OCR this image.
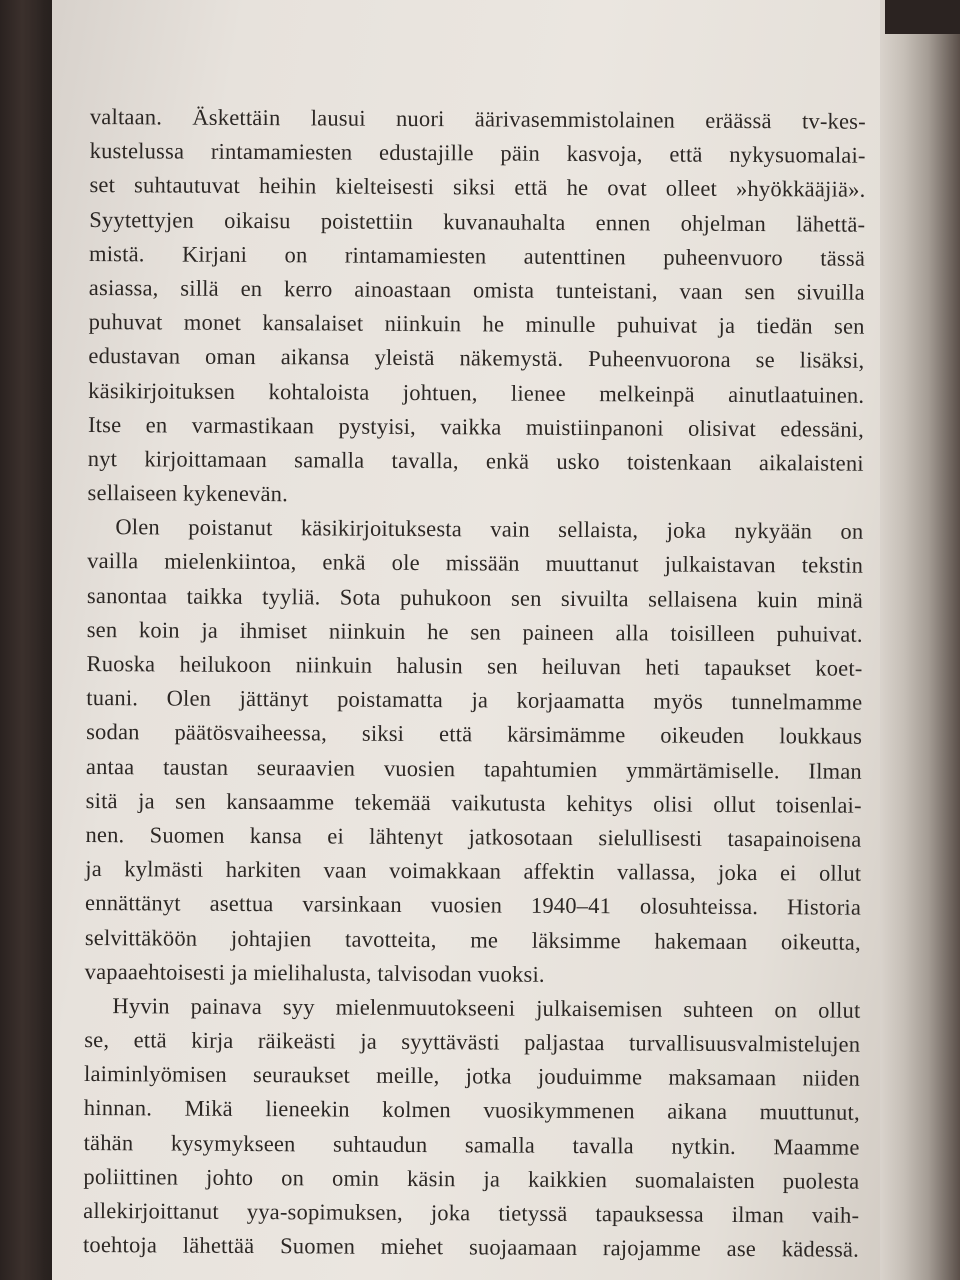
valtaan. Äskettäin lausui nuori äärivasemmistolainen eräässä tv-kes-
kustelussa rintamamiesten edustajille päin kasvoja, että nykysuomalai-
set suhtautuvat heihin kielteisesti siksi että he ovat olleet »hyökkääjiä».
Syytettyjen oikaisu poistettiin kuvanauhalta ennen ohjelman lähettä-
mistä. Kirjani on rintamamiesten autenttinen puheenvuoro tässä
asiassa, sillä en kerro ainoastaan omista tunteistani, vaan sen sivuilla
puhuvat monet kansalaiset niinkuin he minulle puhuivat ja tiedän sen
edustavan oman aikansa yleistä näkemystä. Puheenvuorona se lisäksi,
käsikirjoituksen kohtaloista johtuen, lienee melkeinpä ainutlaatuinen.
Itse en varmastikaan pystyisi, vaikka muistiinpanoni olisivat edessäni,
nyt kirjoittamaan samalla tavalla, enkä usko toistenkaan aikalaisteni
sellaiseen kykenevän.
Olen poistanut käsikirjoituksesta vain sellaista, joka nykyään on
vailla mielenkiintoa, enkä ole missään muuttanut julkaistavan tekstin
sanontaa taikka tyyliä. Sota puhukoon sen sivuilta sellaisena kuin minä
sen koin ja ihmiset niinkuin he sen paineen alla toisilleen puhuivat.
Ruoska heilukoon niinkuin halusin sen heiluvan heti tapaukset koet-
tuani. Olen jättänyt poistamatta ja korjaamatta myös tunnelmamme
sodan päätösvaiheessa, siksi että kärsimämme oikeuden loukkaus
antaa taustan seuraavien vuosien tapahtumien ymmärtämiselle. Ilman
sitä ja sen kansaamme tekemää vaikutusta kehitys olisi ollut toisenlai-
nen. Suomen kansa ei lähtenyt jatkosotaan sielullisesti tasapainoisena
ja kylmästi harkiten vaan voimakkaan affektin vallassa, joka ei ollut
ennättänyt asettua varsinkaan vuosien 1940–41 olosuhteissa. Historia
selvittäköön johtajien tavotteita, me läksimme hakemaan oikeutta,
vapaaehtoisesti ja mielihalusta, talvisodan vuoksi.
Hyvin painava syy mielenmuutokseeni julkaisemisen suhteen on ollut
se, että kirja räikeästi ja syyttävästi paljastaa turvallisuusvalmistelujen
laiminlyömisen seuraukset meille, jotka jouduimme maksamaan niiden
hinnan. Mikä lieneekin kolmen vuosikymmenen aikana muuttunut,
tähän kysymykseen suhtaudun samalla tavalla nytkin. Maamme
poliittinen johto on omin käsin ja kaikkien suomalaisten puolesta
allekirjoittanut yya-sopimuksen, joka tietyssä tapauksessa ilman vaih-
toehtoja lähettää Suomen miehet suojaamaan rajojamme ase kädessä.
